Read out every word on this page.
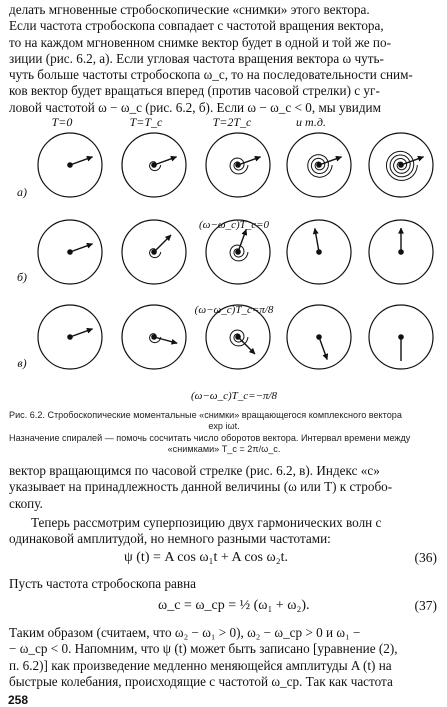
делать мгновенные стробоскопические «снимки» этого вектора.
Если частота стробоскопа совпадает с частотой вращения вектора,
то на каждом мгновенном снимке вектор будет в одной и той же по-
зиции (рис. 6.2, а). Если угловая частота вращения вектора ω чуть-
чуть больше частоты стробоскопа ω_c, то на последовательности сним-
ков вектор будет вращаться вперед (против часовой стрелки) с уг-
ловой частотой ω − ω_c (рис. 6.2, б). Если ω − ω_c < 0, мы увидим
T=0	T=T_c	T=2T_c	и т.д.
а)
б)
в)
(ω−ω_c)T_c=0
(ω−ω_c)T_c=π/8
(ω−ω_c)T_c=−π/8
Рис. 6.2. Стробоскопические моментальные «снимки» вращающегося комплексного вектора
exp iωt.
Назначение спиралей — помочь сосчитать число оборотов вектора. Интервал времени между
«снимками» T_c = 2π/ω_c.
вектор вращающимся по часовой стрелке (рис. 6.2, в). Индекс «с»
указывает на принадлежность данной величины (ω или T) к стробо-
скопу.
Теперь рассмотрим суперпозицию двух гармонических волн с
одинаковой амплитудой, но немного разными частотами:
ψ (t) = A cos ω₁t + A cos ω₂t.	(36)
Пусть частота стробоскопа равна
ω_c = ω_cp = ½ (ω₁ + ω₂).	(37)
Таким образом (считаем, что ω₂ − ω₁ > 0), ω₂ − ω_cp > 0 и ω₁ −
− ω_cp < 0. Напомним, что ψ (t) может быть записано [уравнение (2),
п. 6.2)] как произведение медленно меняющейся амплитуды A (t) на
быстрые колебания, происходящие с частотой ω_cp. Так как частота
258
